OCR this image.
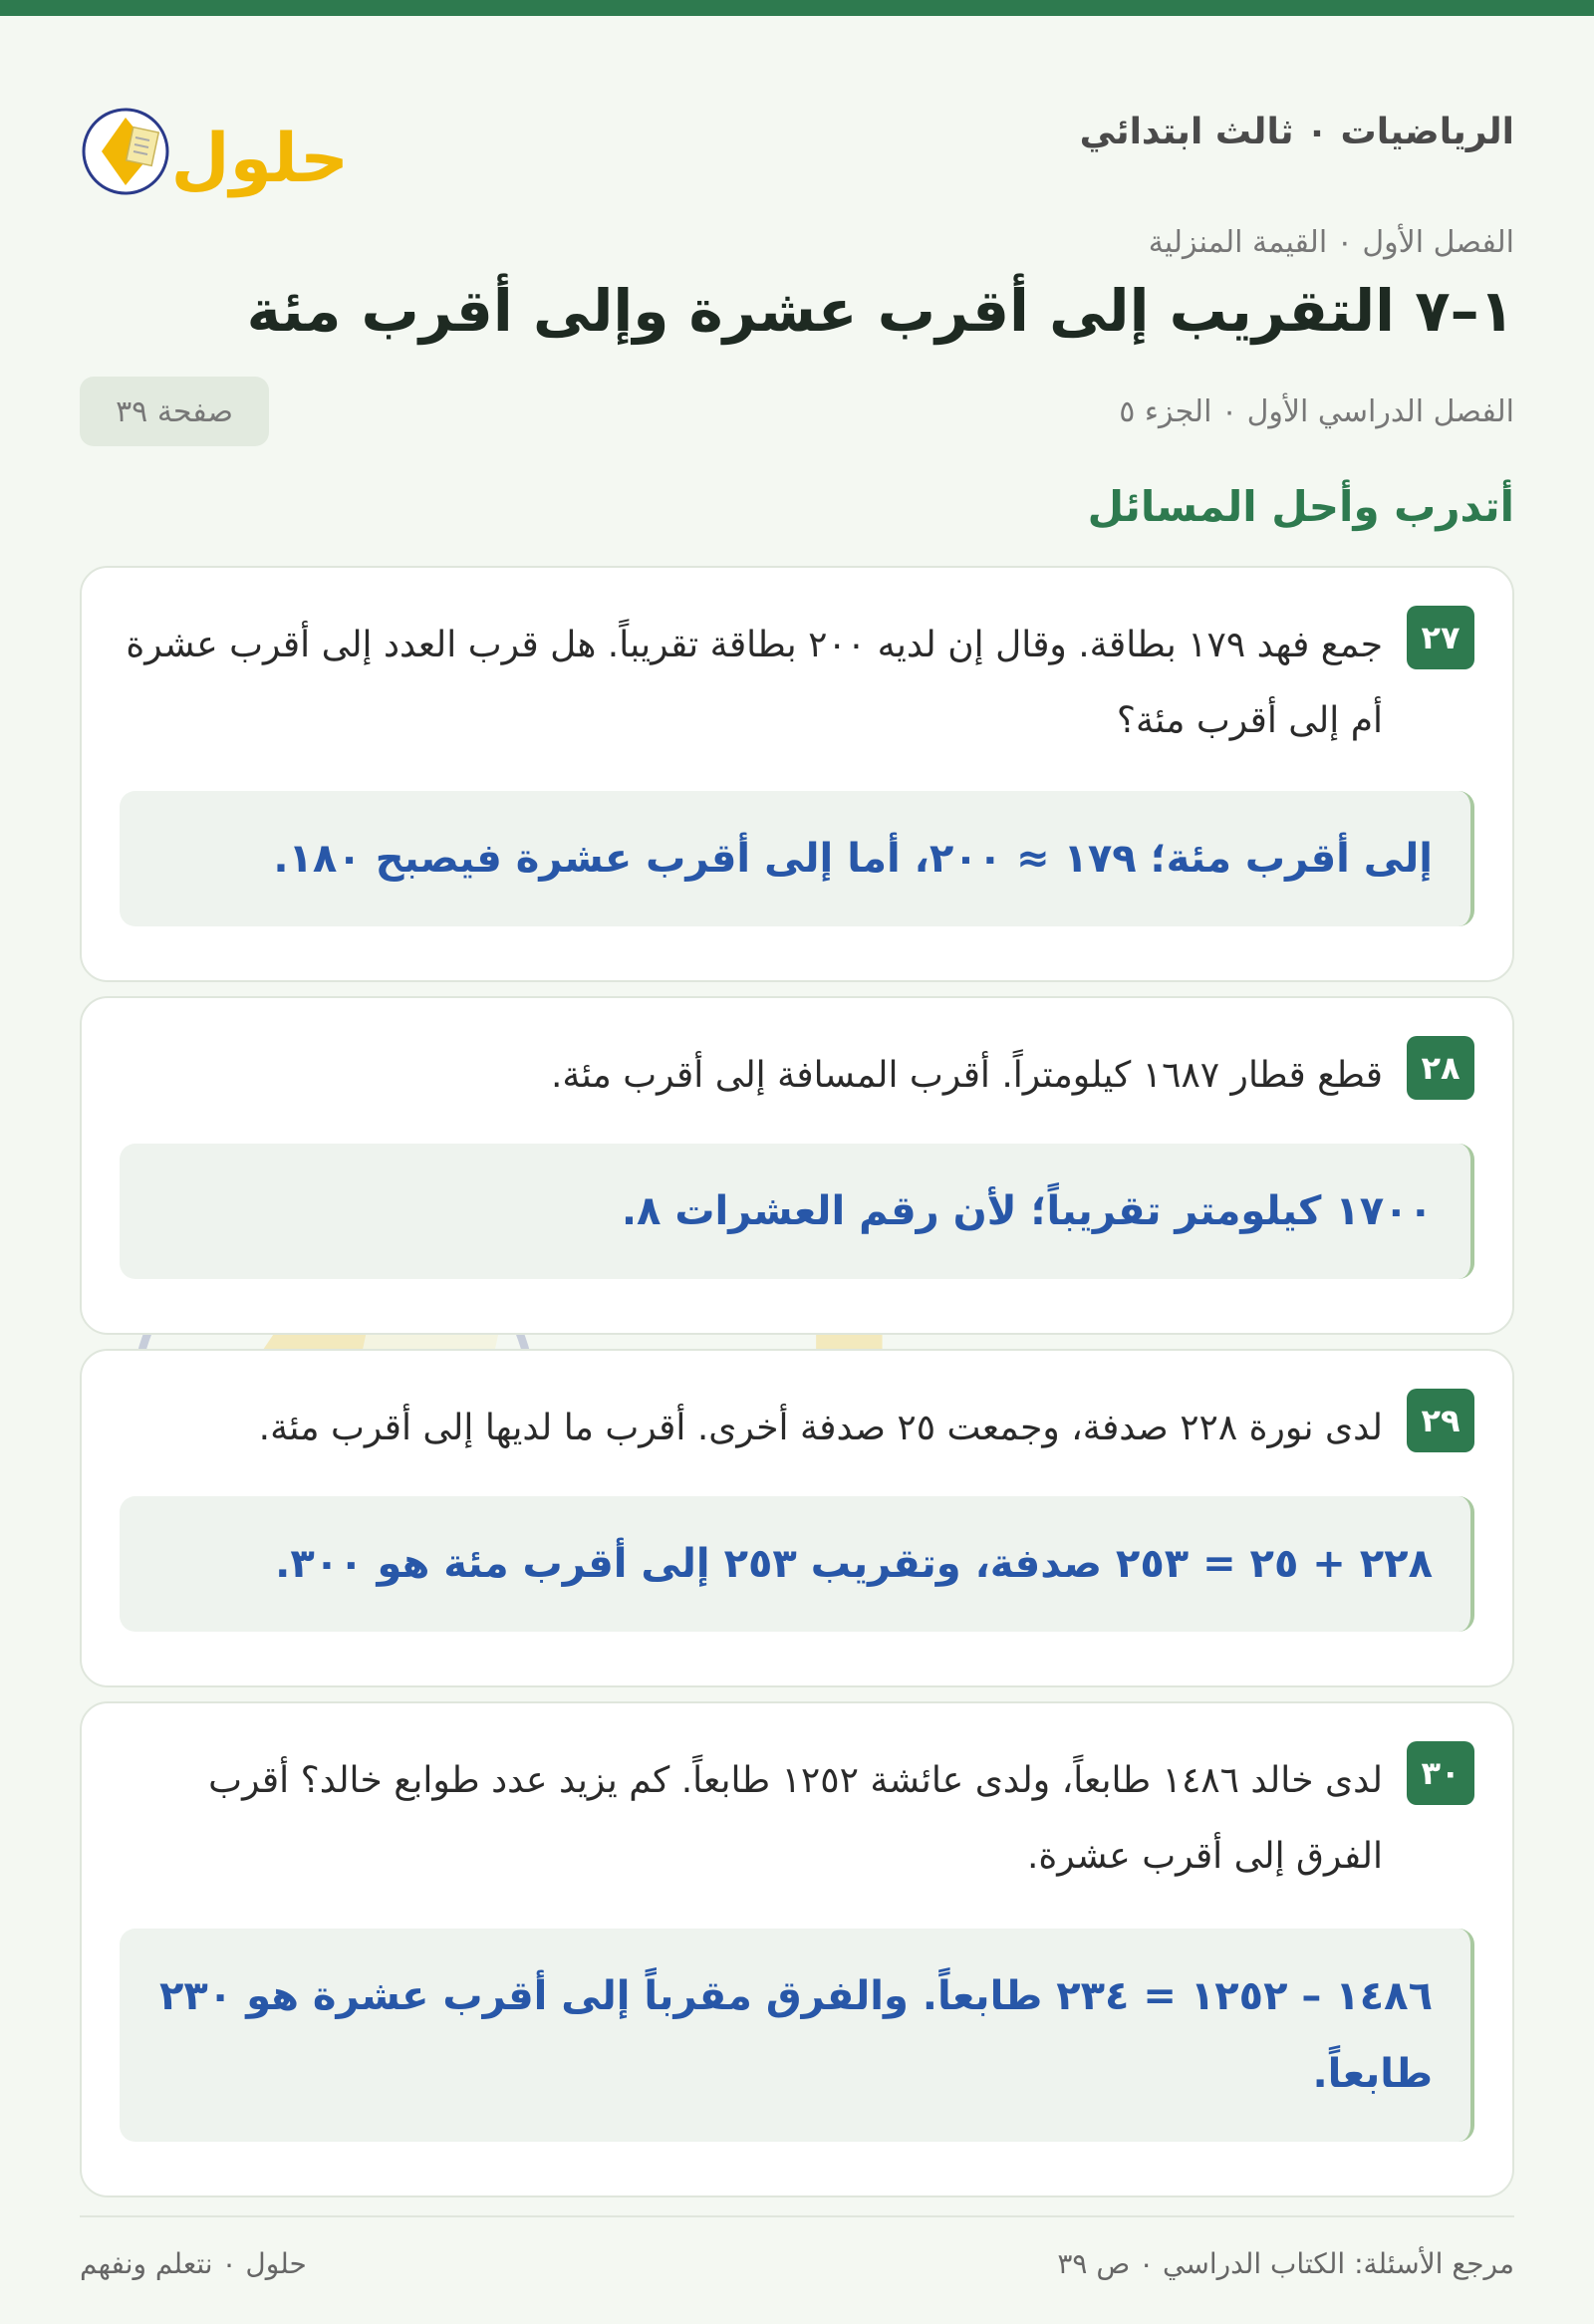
الرياضيات ٠ ثالث ابتدائي
حلول
الفصل الأول ٠ القيمة المنزلية
١–٧ التقريب إلى أقرب عشرة وإلى أقرب مئة
الفصل الدراسي الأول ٠ الجزء ٥
صفحة ٣٩
أتدرب وأحل المسائل
٢٧

جمع فهد ١٧٩ بطاقة. وقال إن لديه ٢٠٠ بطاقة تقريباً. هل قرب العدد إلى أقرب عشرة أم إلى أقرب مئة؟

إلى أقرب مئة؛ ١٧٩ ≈ ٢٠٠، أما إلى أقرب عشرة فيصبح ١٨٠.

٢٨

قطع قطار ١٦٨٧ كيلومتراً. أقرب المسافة إلى أقرب مئة.

١٧٠٠ كيلومتر تقريباً؛ لأن رقم العشرات ٨.

٢٩

لدى نورة ٢٢٨ صدفة، وجمعت ٢٥ صدفة أخرى. أقرب ما لديها إلى أقرب مئة.

٢٢٨ + ٢٥ = ٢٥٣ صدفة، وتقريب ٢٥٣ إلى أقرب مئة هو ٣٠٠.

٣٠

لدى خالد ١٤٨٦ طابعاً، ولدى عائشة ١٢٥٢ طابعاً. كم يزيد عدد طوابع خالد؟ أقرب الفرق إلى أقرب عشرة.

١٤٨٦ – ١٢٥٢ = ٢٣٤ طابعاً. والفرق مقرباً إلى أقرب عشرة هو ٢٣٠ طابعاً.

مرجع الأسئلة: الكتاب الدراسي ٠ ص ٣٩
حلول ٠ نتعلم ونفهم
